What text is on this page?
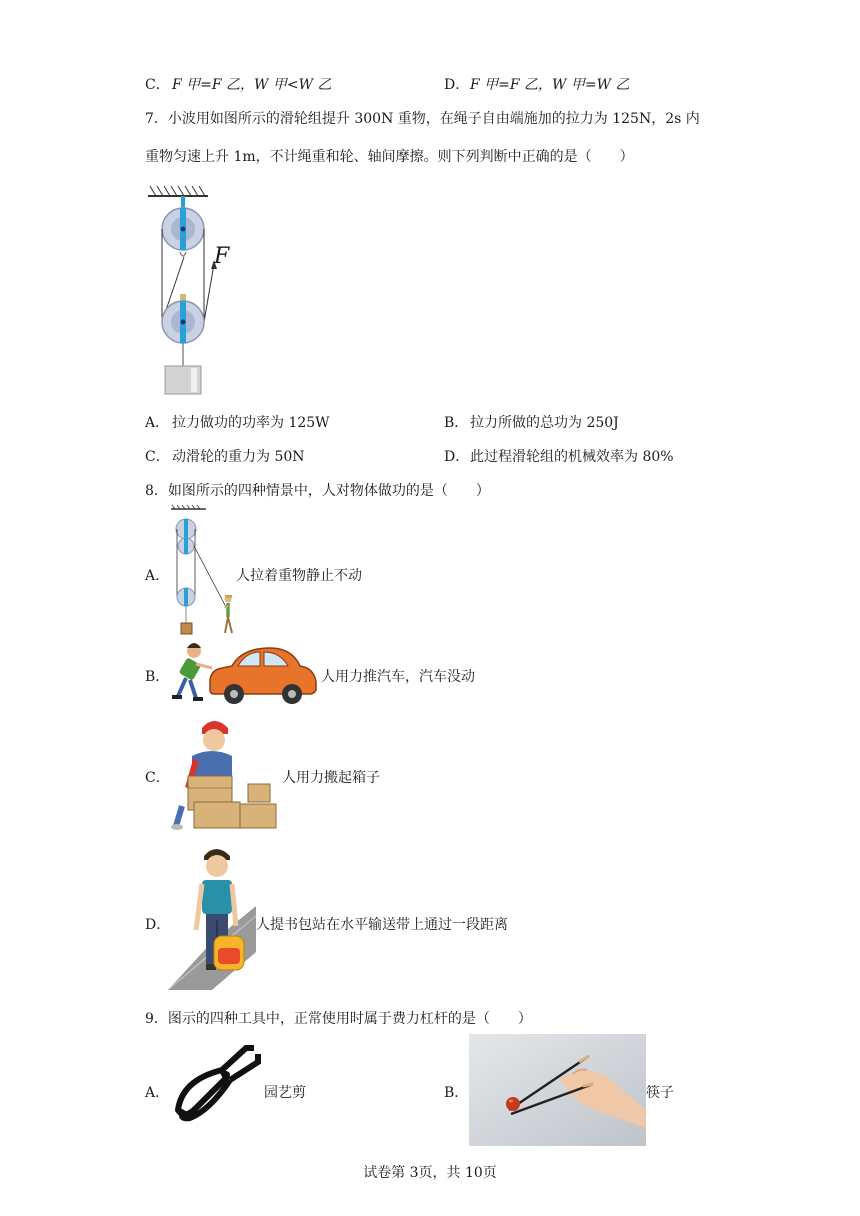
C． F 甲=F 乙，W 甲<W 乙	D． F 甲=F 乙，W 甲=W 乙
7．小波用如图所示的滑轮组提升 300N 重物，在绳子自由端施加的拉力为 125N，2s 内
重物匀速上升 1m，不计绳重和轮、轴间摩擦。则下列判断中正确的是（　　）
F
A． 拉力做功的功率为 125W	B． 拉力所做的总功为 250J
C． 动滑轮的重力为 50N	D． 此过程滑轮组的机械效率为 80%
8．如图所示的四种情景中，人对物体做功的是（　　）
A．	人拉着重物静止不动
B．	人用力推汽车，汽车没动
C．	人用力搬起箱子
D．	人提书包站在水平输送带上通过一段距离
9．图示的四种工具中，正常使用时属于费力杠杆的是（　　）
A．	园艺剪	B．	筷子
试卷第 3页，共 10页
